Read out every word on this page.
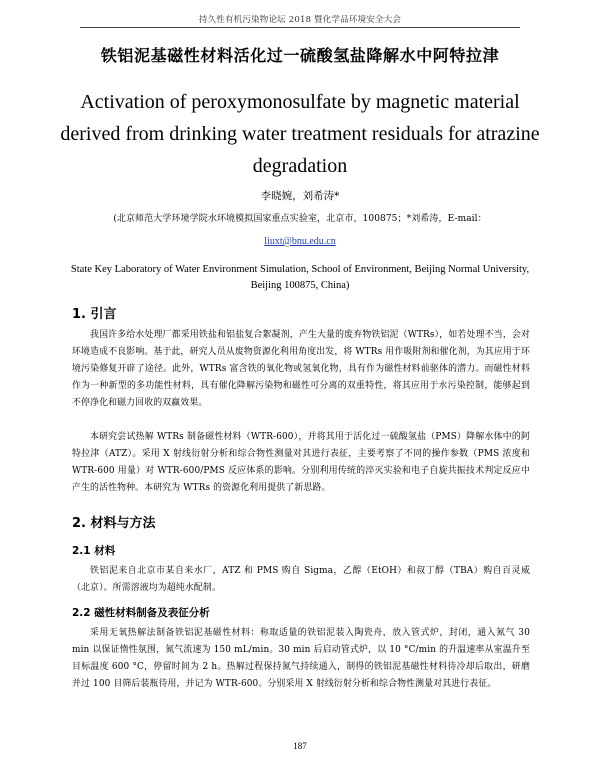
持久性有机污染物论坛 2018 暨化学品环境安全大会
铁铝泥基磁性材料活化过一硫酸氢盐降解水中阿特拉津
Activation of peroxymonosulfate by magnetic material derived from drinking water treatment residuals for atrazine degradation
李晓婉，刘希涛*
(北京师范大学环境学院水环境模拟国家重点实验室，北京市，100875；*刘希涛，E-mail：
liuxt@bnu.edu.cn
State Key Laboratory of Water Environment Simulation, School of Environment, Beijing Normal University, Beijing 100875, China)
1. 引言
我国许多给水处理厂都采用铁盐和铝盐复合絮凝剂，产生大量的废弃物铁铝泥（WTRs），如若处理不当，会对环境造成不良影响。基于此，研究人员从废物资源化利用角度出发，将 WTRs 用作吸附剂和催化剂，为其应用于环境污染修复开辟了途径。此外，WTRs 富含铁的氧化物或氢氧化物，具有作为磁性材料前驱体的潜力。而磁性材料作为一种新型的多功能性材料，具有催化降解污染物和磁性可分离的双重特性，将其应用于水污染控制，能够起到不停净化和磁力回收的双赢效果。
本研究尝试热解 WTRs 制备磁性材料（WTR-600），并将其用于活化过一硫酸氢盐（PMS）降解水体中的阿特拉津（ATZ）。采用 X 射线衍射分析和综合物性测量对其进行表征，主要考察了不同的操作参数（PMS 浓度和 WTR-600 用量）对 WTR-600/PMS 反应体系的影响。分别利用传统的淬灭实验和电子自旋共振技术判定反应中产生的活性物种。本研究为 WTRs 的资源化利用提供了新思路。
2. 材料与方法
2.1 材料
铁铝泥来自北京市某自来水厂，ATZ 和 PMS 购自 Sigma，乙醇（EtOH）和叔丁醇（TBA）购自百灵威（北京）。所需溶液均为超纯水配制。
2.2 磁性材料制备及表征分析
采用无氧热解法制备铁铝泥基磁性材料：称取适量的铁铝泥装入陶瓷舟，放入管式炉，封闭，通入氮气 30 min 以保证惰性氛围，氮气流速为 150 mL/min。30 min 后启动管式炉，以 10 °C/min 的升温速率从室温升至目标温度 600 °C，停留时间为 2 h。热解过程保持氮气持续通入，制得的铁铝泥基磁性材料待冷却后取出，研磨并过 100 目筛后装瓶待用，并记为 WTR-600。分别采用 X 射线衍射分析和综合物性测量对其进行表征。
187
